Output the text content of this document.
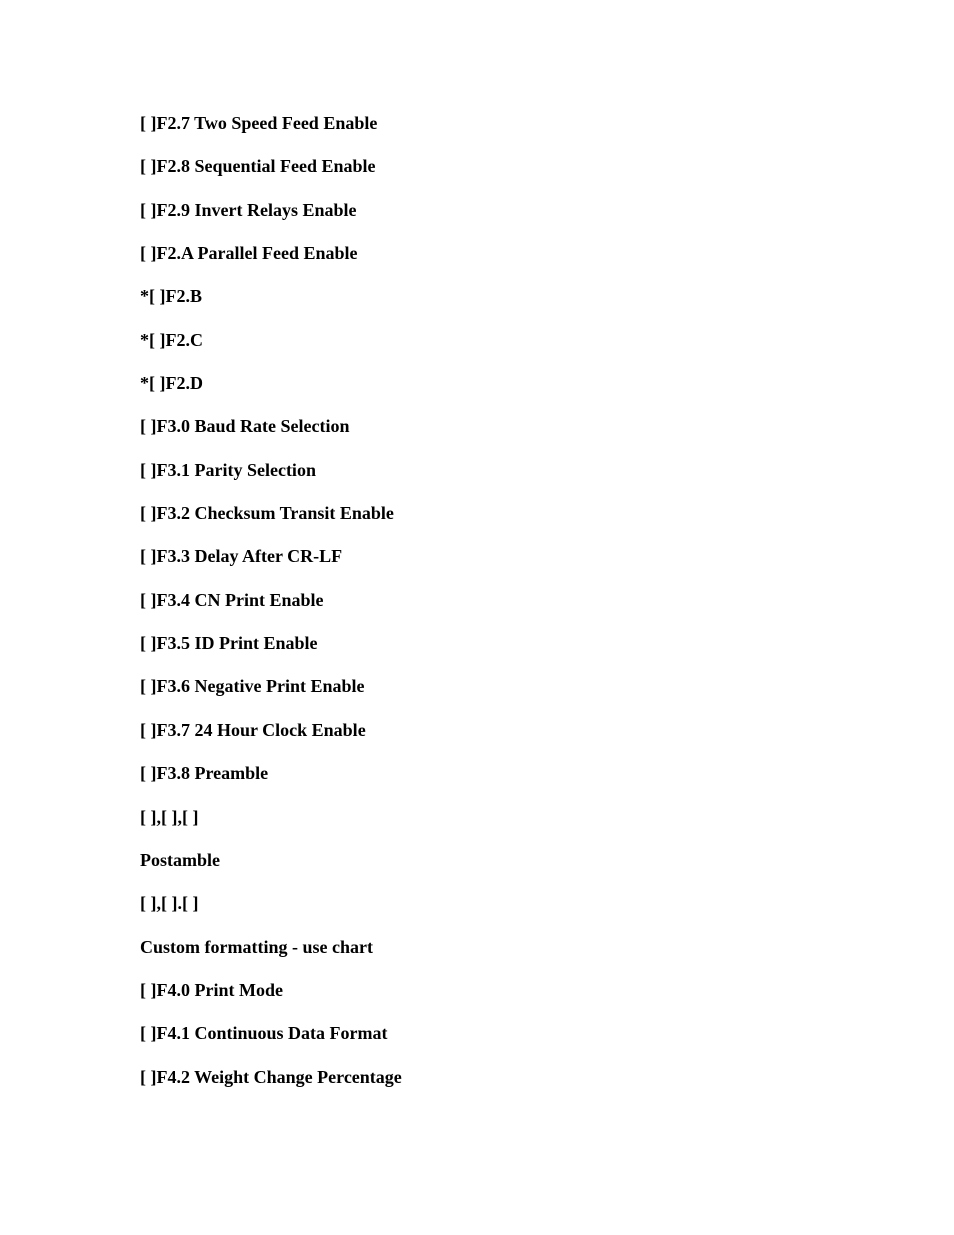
[ ]F2.7 Two Speed Feed Enable
[ ]F2.8 Sequential Feed Enable
[ ]F2.9 Invert Relays Enable
[ ]F2.A Parallel Feed Enable
*[ ]F2.B
*[ ]F2.C
*[ ]F2.D
[ ]F3.0 Baud Rate Selection
[ ]F3.1 Parity Selection
[ ]F3.2 Checksum Transit Enable
[ ]F3.3 Delay After CR-LF
[ ]F3.4 CN Print Enable
[ ]F3.5 ID Print Enable
[ ]F3.6 Negative Print Enable
[ ]F3.7 24 Hour Clock Enable
[ ]F3.8 Preamble
[ ],[ ],[ ]
Postamble
[ ],[ ].[ ]
Custom formatting - use chart
[ ]F4.0 Print Mode
[ ]F4.1 Continuous Data Format
[ ]F4.2 Weight Change Percentage
